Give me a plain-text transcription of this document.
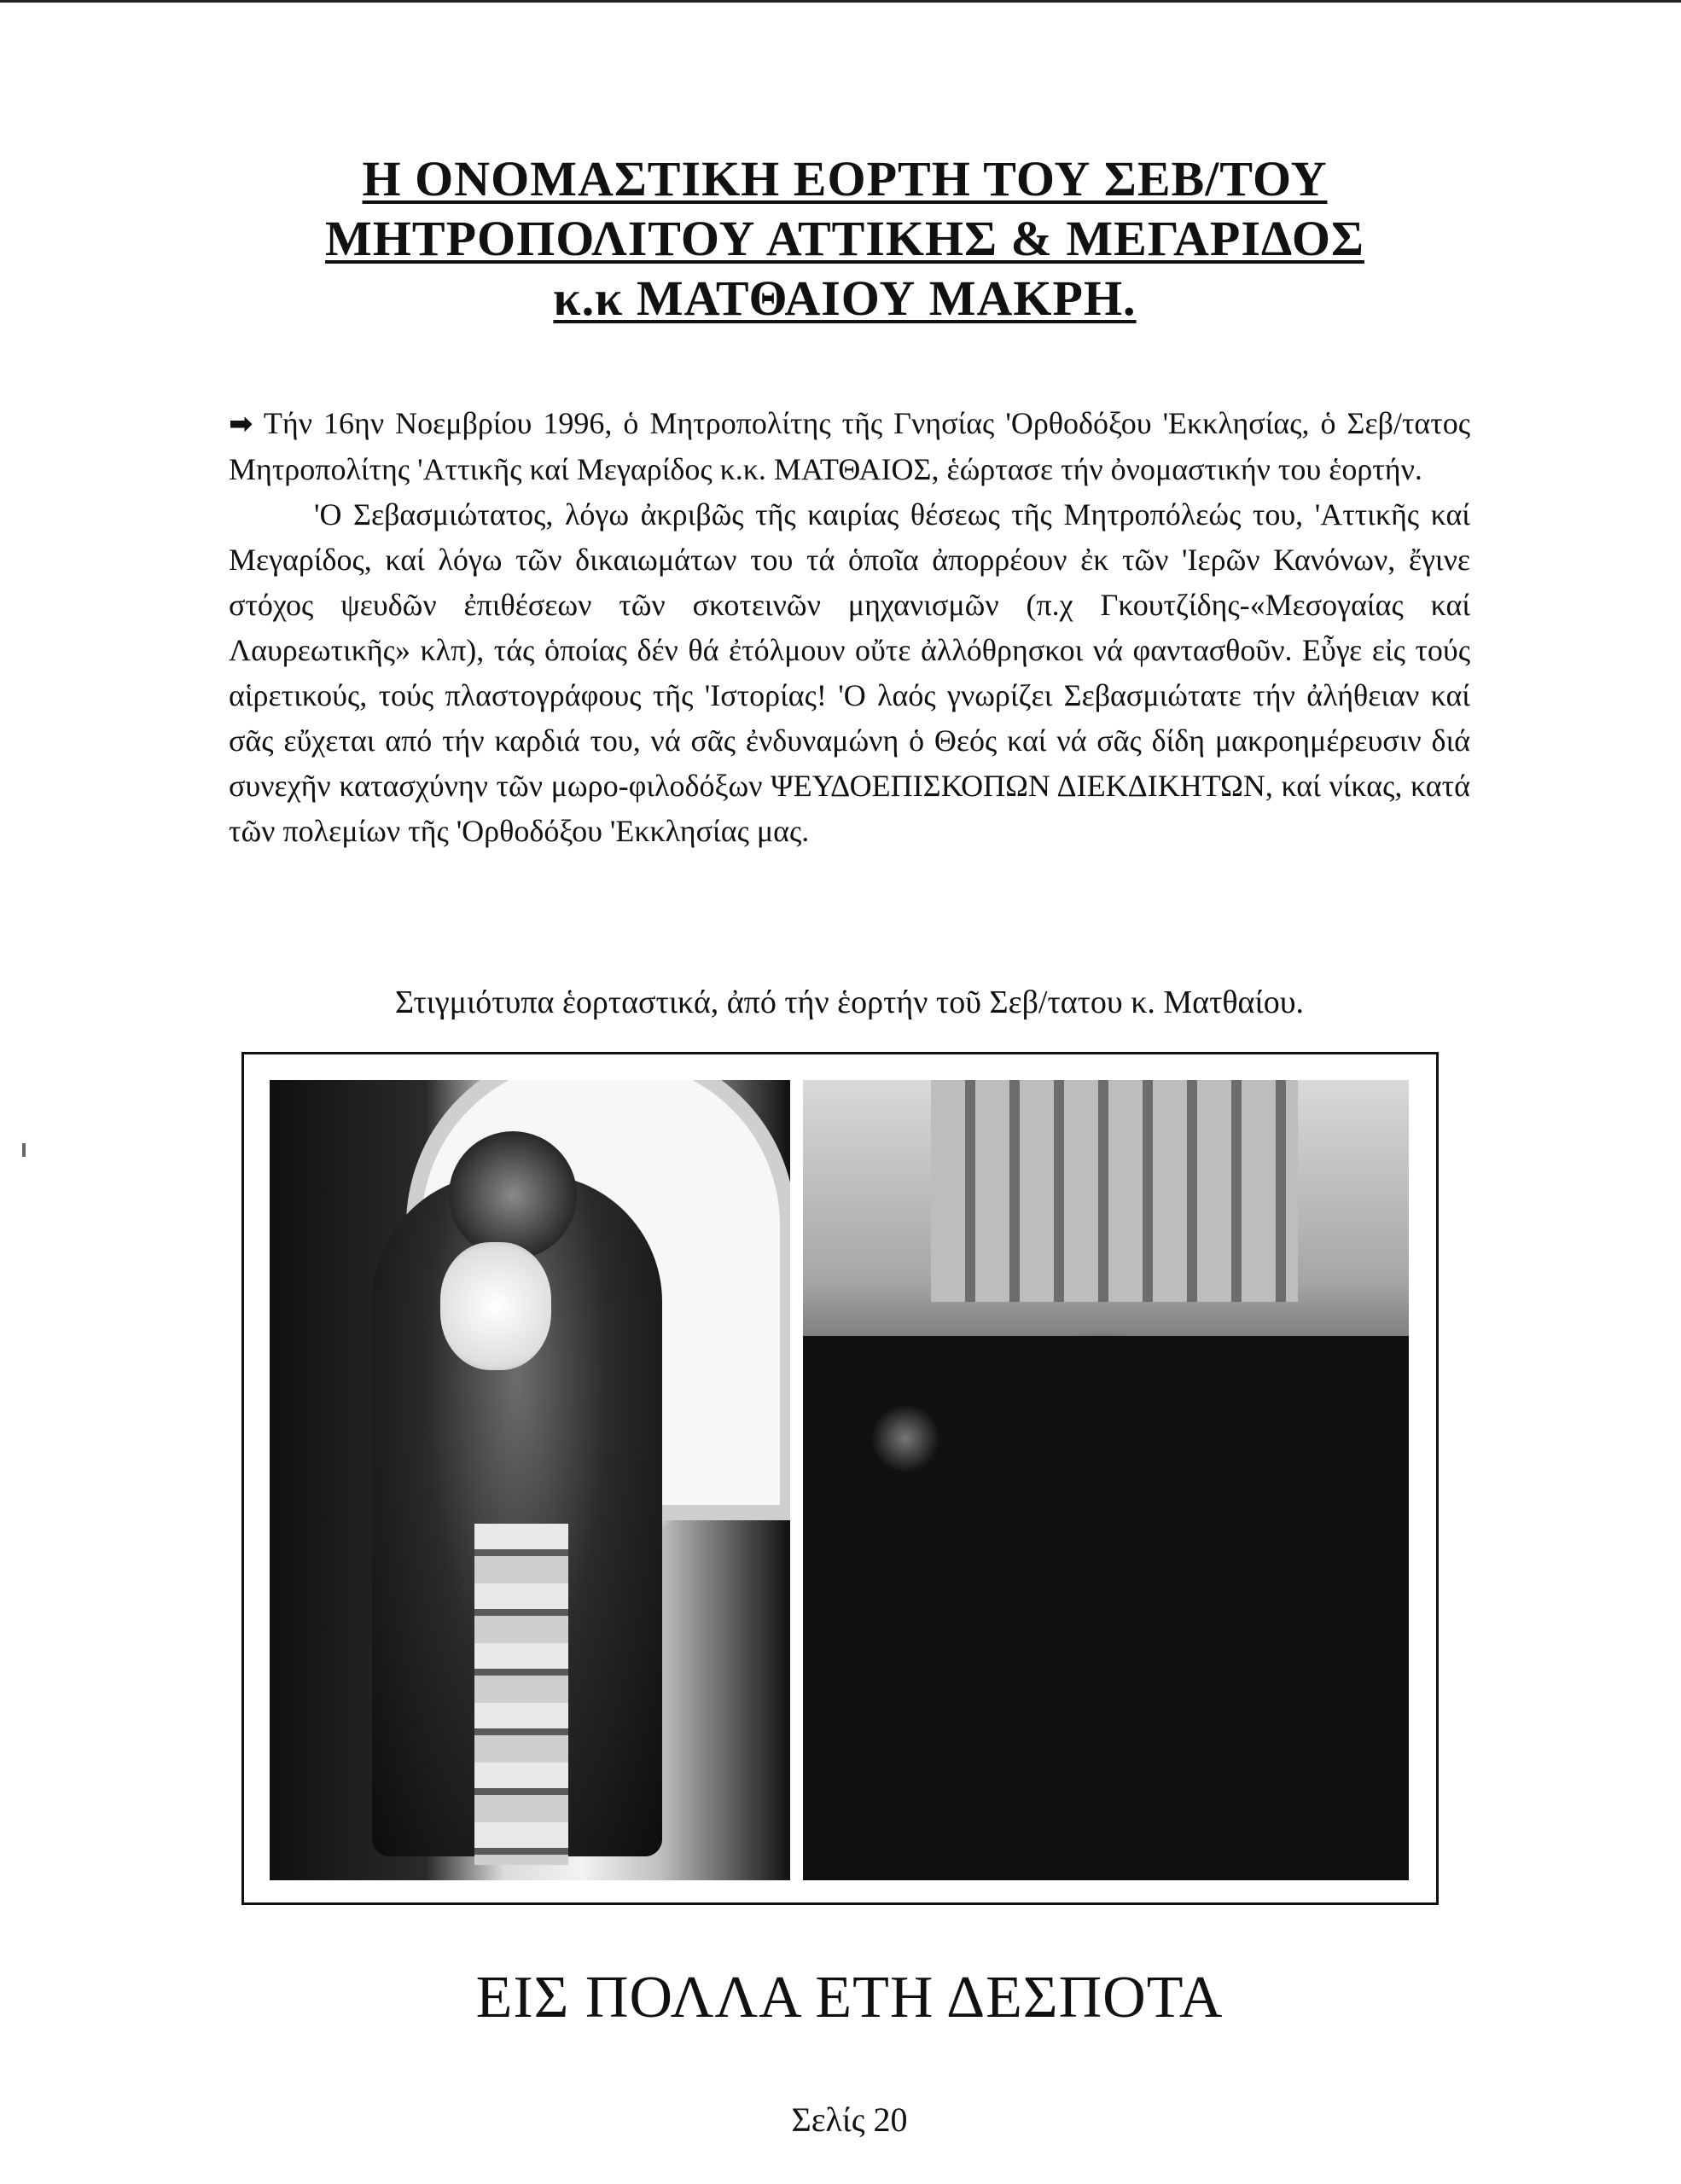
Η ΟΝΟΜΑΣΤΙΚΗ ΕΟΡΤΗ ΤΟΥ ΣΕΒ/ΤΟΥ
ΜΗΤΡΟΠΟΛΙΤΟΥ ΑΤΤΙΚΗΣ & ΜΕΓΑΡΙΔΟΣ
κ.κ ΜΑΤΘΑΙΟΥ ΜΑΚΡΗ.

➡ Τήν 16ην Νοεμβρίου 1996, ὁ Μητροπολίτης τῆς Γνησίας 'Ορθοδόξου 'Εκκλησίας, ὁ Σεβ/τατος Μητροπολίτης 'Αττικῆς καί Μεγαρίδος κ.κ. ΜΑΤΘΑΙΟΣ, ἑώρτασε τήν ὀνομαστικήν του ἑορτήν.

'Ο Σεβασμιώτατος, λόγω ἀκριβῶς τῆς καιρίας θέσεως τῆς Μητροπόλεώς του, 'Αττικῆς καί Μεγαρίδος, καί λόγω τῶν δικαιωμάτων του τά ὁποῖα ἀπορρέουν ἐκ τῶν 'Ιερῶν Κανόνων, ἔγινε στόχος ψευδῶν ἐπιθέσεων τῶν σκοτεινῶν μηχανισμῶν (π.χ Γκουτζίδης-«Μεσογαίας καί Λαυρεωτικῆς» κλπ), τάς ὁποίας δέν θά ἐτόλμουν οὔτε ἀλλόθρησκοι νά φαντασθοῦν. Εὖγε εἰς τούς αἱρετικούς, τούς πλαστογράφους τῆς 'Ιστορίας! 'Ο λαός γνωρίζει Σεβασμιώτατε τήν ἀλήθειαν καί σᾶς εὔχεται από τήν καρδιά του, νά σᾶς ἐνδυναμώνη ὁ Θεός καί νά σᾶς δίδη μακροημέρευσιν διά συνεχῆν κατασχύνην τῶν μωρο-φιλοδόξων ΨΕΥΔΟΕΠΙΣΚΟΠΩΝ ΔΙΕΚΔΙΚΗΤΩΝ, καί νίκας, κατά τῶν πολεμίων τῆς 'Ορθοδόξου 'Εκκλησίας μας.

Στιγμιότυπα ἑορταστικά, ἀπό τήν ἑορτήν τοῦ Σεβ/τατου κ. Ματθαίου.
ΕΙΣ ΠΟΛΛΑ ΕΤΗ ΔΕΣΠΟΤΑ
Σελίς 20
